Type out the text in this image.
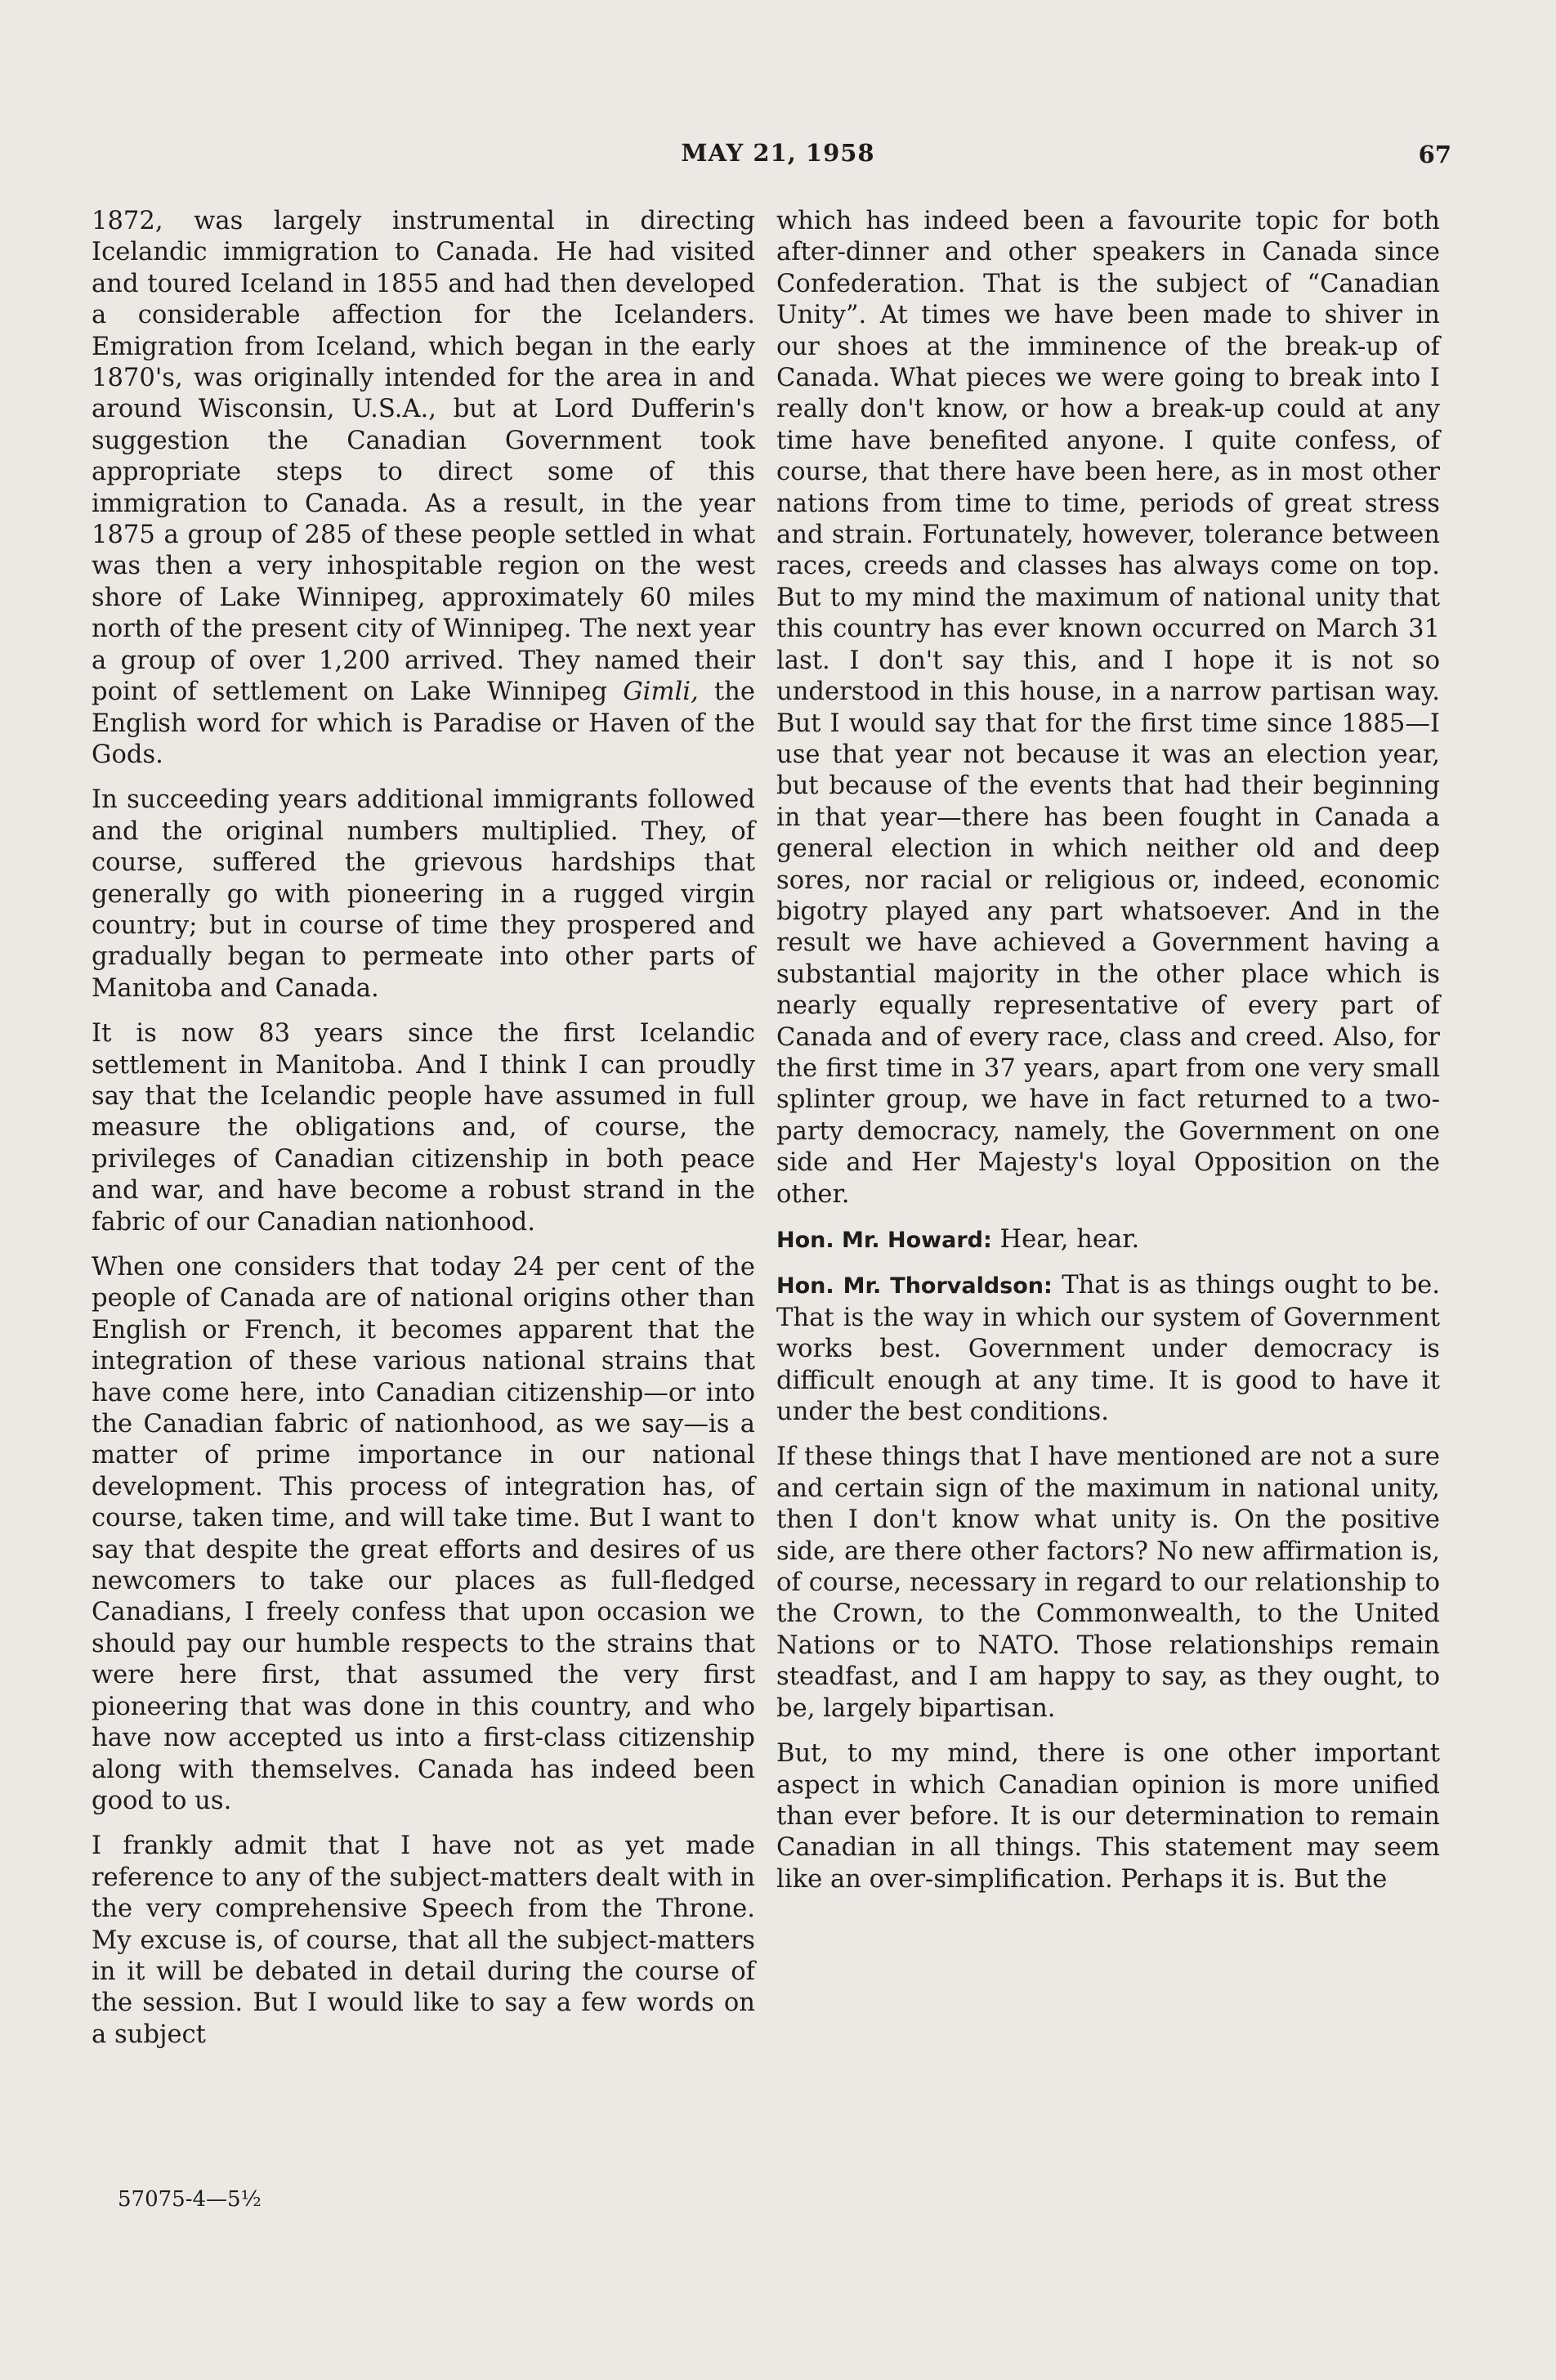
MAY 21, 1958	67

1872, was largely instrumental in directing Icelandic immigration to Canada. He had visited and toured Iceland in 1855 and had then developed a considerable affection for the Icelanders. Emigration from Iceland, which began in the early 1870's, was originally intended for the area in and around Wisconsin, U.S.A., but at Lord Dufferin's suggestion the Canadian Government took appropriate steps to direct some of this immigration to Canada. As a result, in the year 1875 a group of 285 of these people settled in what was then a very inhospitable region on the west shore of Lake Winnipeg, approximately 60 miles north of the present city of Winnipeg. The next year a group of over 1,200 arrived. They named their point of settlement on Lake Winnipeg Gimli, the English word for which is Paradise or Haven of the Gods.

In succeeding years additional immigrants followed and the original numbers multiplied. They, of course, suffered the grievous hardships that generally go with pioneering in a rugged virgin country; but in course of time they prospered and gradually began to permeate into other parts of Manitoba and Canada.

It is now 83 years since the first Icelandic settlement in Manitoba. And I think I can proudly say that the Icelandic people have assumed in full measure the obligations and, of course, the privileges of Canadian citizenship in both peace and war, and have become a robust strand in the fabric of our Canadian nationhood.

When one considers that today 24 per cent of the people of Canada are of national origins other than English or French, it becomes apparent that the integration of these various national strains that have come here, into Canadian citizenship—or into the Canadian fabric of nationhood, as we say—is a matter of prime importance in our national development. This process of integration has, of course, taken time, and will take time. But I want to say that despite the great efforts and desires of us newcomers to take our places as full-fledged Canadians, I freely confess that upon occasion we should pay our humble respects to the strains that were here first, that assumed the very first pioneering that was done in this country, and who have now accepted us into a first-class citizenship along with themselves. Canada has indeed been good to us.

I frankly admit that I have not as yet made reference to any of the subject-matters dealt with in the very comprehensive Speech from the Throne. My excuse is, of course, that all the subject-matters in it will be debated in detail during the course of the session. But I would like to say a few words on a subject

which has indeed been a favourite topic for both after-dinner and other speakers in Canada since Confederation. That is the subject of “Canadian Unity”. At times we have been made to shiver in our shoes at the imminence of the break-up of Canada. What pieces we were going to break into I really don't know, or how a break-up could at any time have benefited anyone. I quite confess, of course, that there have been here, as in most other nations from time to time, periods of great stress and strain. Fortunately, however, tolerance between races, creeds and classes has always come on top. But to my mind the maximum of national unity that this country has ever known occurred on March 31 last. I don't say this, and I hope it is not so understood in this house, in a narrow partisan way. But I would say that for the first time since 1885—I use that year not because it was an election year, but because of the events that had their beginning in that year—there has been fought in Canada a general election in which neither old and deep sores, nor racial or religious or, indeed, economic bigotry played any part whatsoever. And in the result we have achieved a Government having a substantial majority in the other place which is nearly equally representative of every part of Canada and of every race, class and creed. Also, for the first time in 37 years, apart from one very small splinter group, we have in fact returned to a two-party democracy, namely, the Government on one side and Her Majesty's loyal Opposition on the other.

Hon. Mr. Howard: Hear, hear.

Hon. Mr. Thorvaldson: That is as things ought to be. That is the way in which our system of Government works best. Government under democracy is difficult enough at any time. It is good to have it under the best conditions.

If these things that I have mentioned are not a sure and certain sign of the maximum in national unity, then I don't know what unity is. On the positive side, are there other factors? No new affirmation is, of course, necessary in regard to our relationship to the Crown, to the Commonwealth, to the United Nations or to NATO. Those relationships remain steadfast, and I am happy to say, as they ought, to be, largely bipartisan.

But, to my mind, there is one other important aspect in which Canadian opinion is more unified than ever before. It is our determination to remain Canadian in all things. This statement may seem like an over-simplification. Perhaps it is. But the

57075-4—5½
